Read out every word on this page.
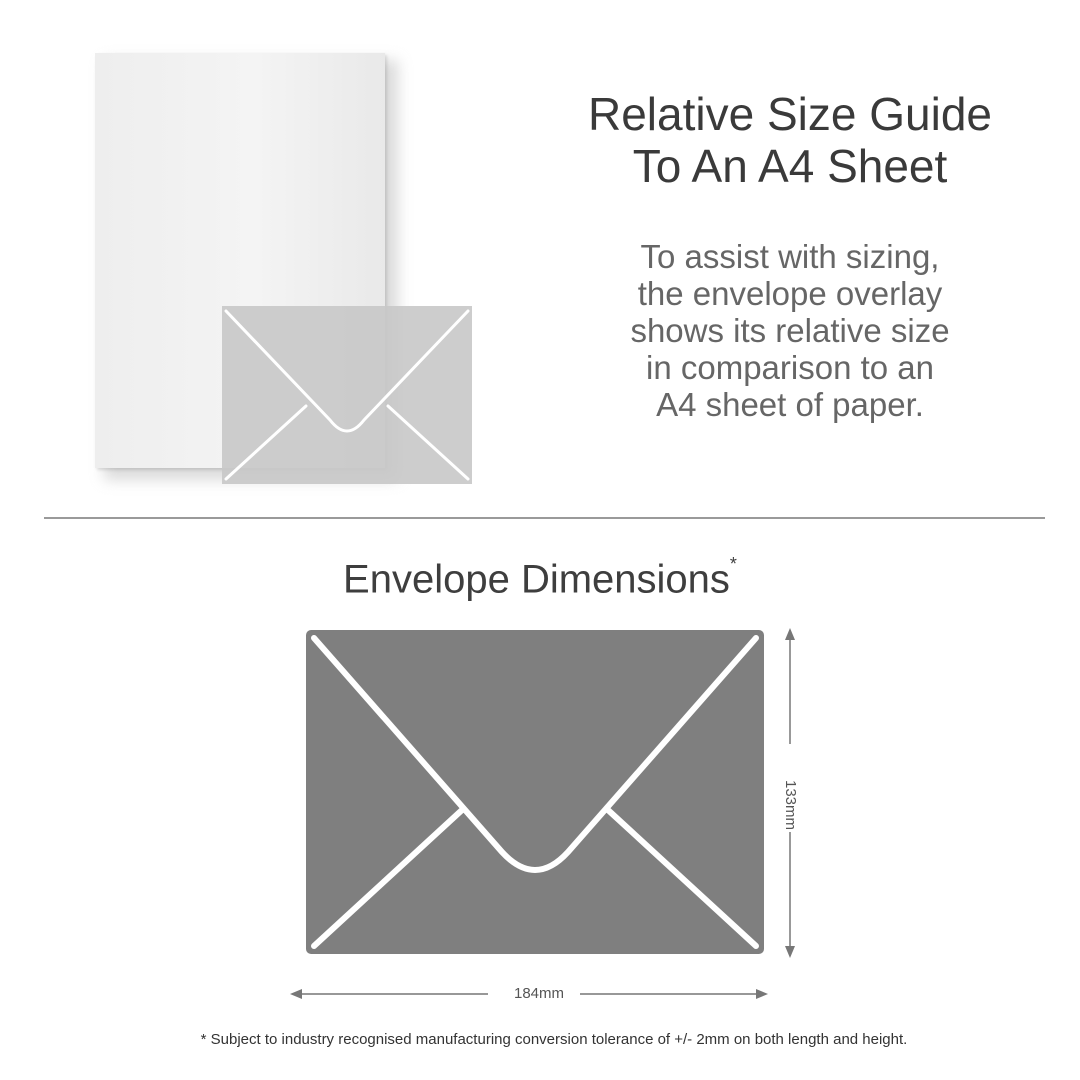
Relative Size Guide
To An A4 Sheet
To assist with sizing,
the envelope overlay
shows its relative size
in comparison to an
A4 sheet of paper.
Envelope Dimensions*
133mm
184mm
* Subject to industry recognised manufacturing conversion tolerance of +/- 2mm on both length and height.
